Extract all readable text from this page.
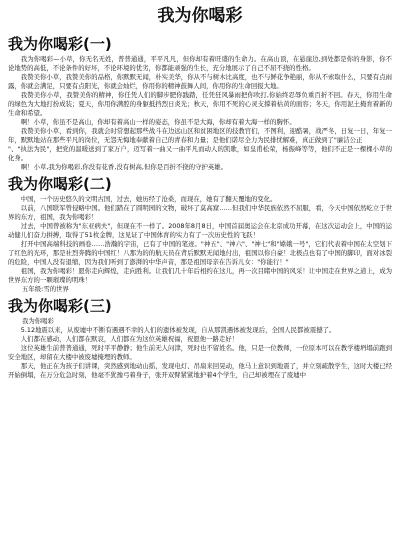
我为你喝彩
我为你喝彩(一)

我为你喝彩—小草，你无名无姓，普普通通，平平凡凡，但你却有着旺盛的生命力。在高山顶，在悬崖边,到处都是你的身影，你不论地势的高低，不论条件的好坏，不论环境的优劣，你都能顽强的生长，充分地展示了自己不屈不挠的性格。

我赞美你小草，我赞美你的品格，你默默无闻，朴实美华，你从不与树木比高度，也不与鲜花争艳丽，你从不索取什么，只要有点雨露，你就会满足，只要有点阳光，你就会灿烂，你用你的精神鼓舞人间，你用你的生命回报大地。

我赞美你小草，我赞美你的精神，你任凭人们的脚步肥你践踏，任凭狂风暴雨把你吹打,你始终忍辱负重百折不回。春天，你用生命的绿色为大地打扮成装；夏天，你用你满腔的身躯抵挡烈日炎光；秋天，你用不死的心灵支撑着枯黄的面容；冬天，你用泥土掩育着新的生命和希望。

啊！小草，你虽不是高山，你却有着高山一样的姿态，你虽不是大海，你却有着大海一样的胸怀。

我赞美你小草，看到你，我就会时常想起那些战斗在边远山区和贫困地区的技教官们，不图利，迎酷暑，战严冬，日复一日，年复一年，默默地站在那些平凡的岗位，无怨无悔地奉献着自己的青春和力量；是他们诺尽全力为民排忧解难，真正做到了"廉洁公正

"、"执法为民"，把党的温暖送到了家万户，迈写着一曲又一曲平凡而动人的凯歌，如皇甫松荣，杨振峰等等，他们不正是一棵棵小草的化身。

啊！小草,我为你喝彩,你没有花香,没有树高,但你是百折不挠的守护英雄。

我为你喝彩(二)

中国，一个历史悠久的文明古国，过去，她历经了沧桑，而现在，她有了翻天覆地的变化。

以前，八国联军曾侵略中国。他们踏在了圆明园的文物，破坏了莫高窟……但我们中华民族依然不屈服，看，今天中国依然屹立于世界的东方，祖国，我为你喝彩！

过去，中国曾被称为"东亚病夫"，但现在不一样了。2008年8月8日，中国首届奥运会在北京成功开幕，在这次运动会上，中国的运动健儿们奋力拼搏，取得了51枚金牌，这见证了中国体育的实力有了一次历史性的飞跃！

打开中国高端科技的画卷……浩瀚的宇宙，已有了中国的笔迹。"神五"、"神六"、"神七"和"嫦娥一号"，它们代表着中国在太空划下了红色的光环，那是社烈奔腾的中国红！八那为的的航天员在背后默默无闻地付出，祖国以你自豪！北极点也有了中国的脚印，面对冰裂的危险，中国人没有退缩，因为我们听到了澎湃的中华声音，那是祖国母亲在告诉儿女："你能行！"

祖国，我为你喝彩！愿你走向辉煌，走向胜利。让我们几十年后相约在这儿，再一次目睹中国的风采！让中国走在世界之道上，成为世界东方的一颗璀璨的明珠！

五年级:雪的世界

我为你喝彩(三)

我为你喝彩

5.12地震以来，从废墟中不断有遇遇不幸的人们的遗体被发现，自从那凯遇体被发现后，全国人民都被震撼了。

人们都在感动，人们都在默哀，人们都在为这位英雄祝福，祝愿他一路走好！

这位英雄生前普普通通，死时平平静静；他生前无人问津，死时也不留姓名。他，只是一位教师，一位原本可以在教学楼坍塌前跑到安全地区，却留在大楼中被废墟掩埋的教师。

那天，他正在为孩子们讲课，突然感到地动山摇，发现电灯、吊扇来回晃动，他马上意识到地震了，并立刻疏散学生，这时大楼已经开始倒塌，在万分危急时刻，他毫不犹豫弓着身子，张开双臂紧紧地护着4个学生，自己却被埋在了废墟中
